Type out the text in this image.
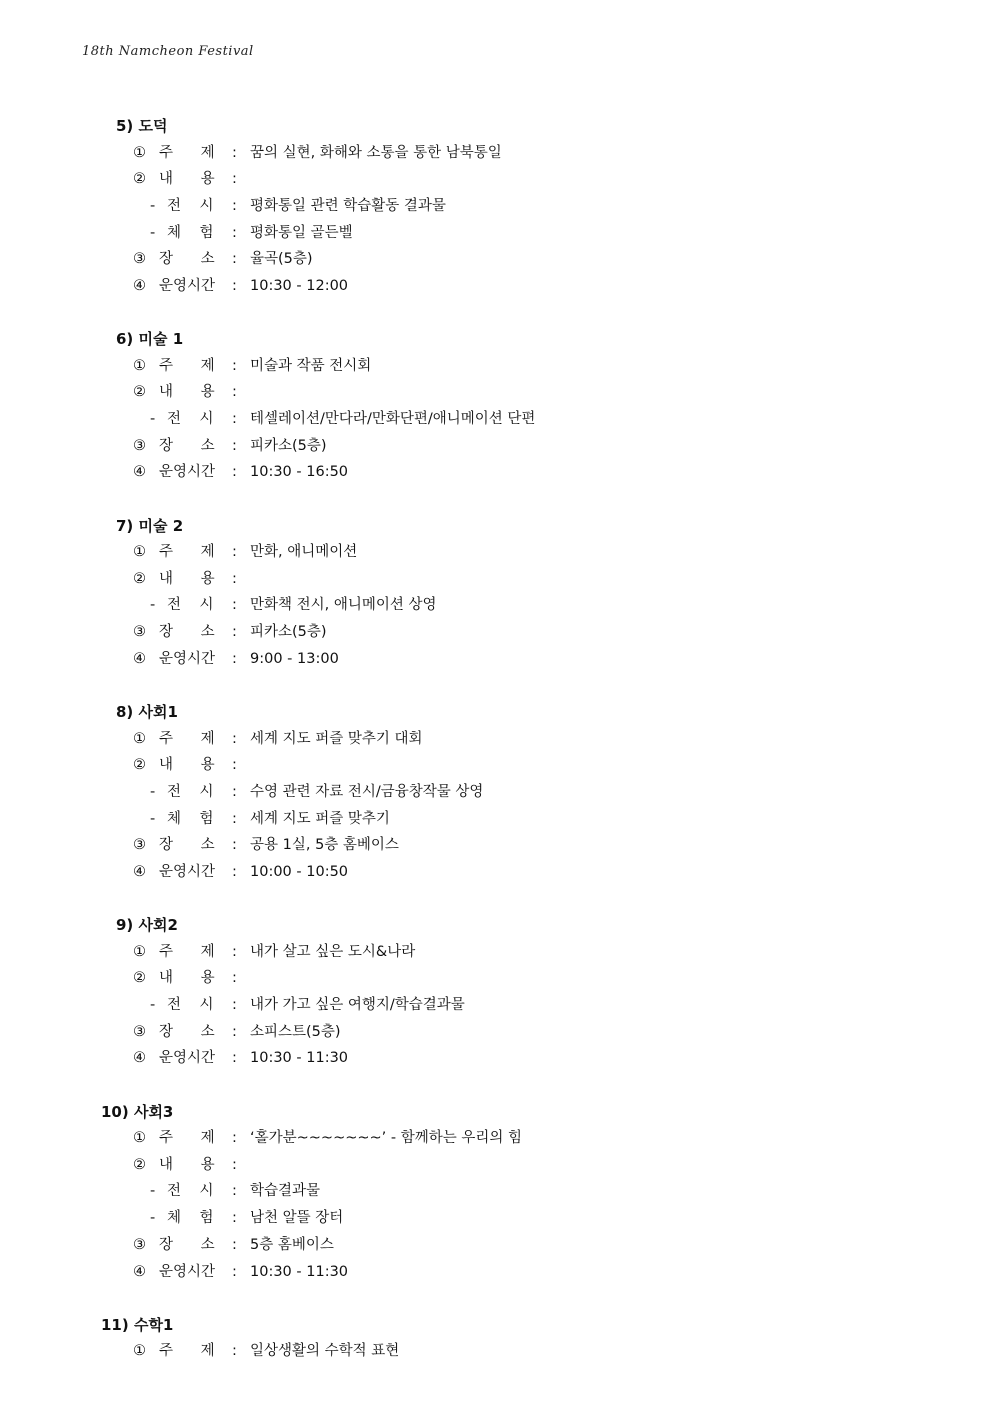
18th Namcheon Festival
5) 도덕
① 주      제 : 꿈의 실현, 화해와 소통을 통한 남북통일
② 내      용 :
- 전    시 : 평화통일 관련 학습활동 결과물
- 체    험 : 평화통일 골든벨
③ 장      소 : 율곡(5층)
④ 운영시간 : 10:30 - 12:00
6) 미술 1
① 주      제 : 미술과 작품 전시회
② 내      용 :
- 전    시 : 테셀레이션/만다라/만화단편/애니메이션 단편
③ 장      소 : 피카소(5층)
④ 운영시간 : 10:30 - 16:50
7) 미술 2
① 주      제 : 만화, 애니메이션
② 내      용 :
- 전    시 : 만화책 전시, 애니메이션 상영
③ 장      소 : 피카소(5층)
④ 운영시간 : 9:00 - 13:00
8) 사회1
① 주      제 : 세계 지도 퍼즐 맞추기 대회
② 내      용 :
- 전    시 : 수영 관련 자료 전시/금융창작물 상영
- 체    험 : 세계 지도 퍼즐 맞추기
③ 장      소 : 공용 1실, 5층 홈베이스
④ 운영시간 : 10:00 - 10:50
9) 사회2
① 주      제 : 내가 살고 싶은 도시&나라
② 내      용 :
- 전    시 : 내가 가고 싶은 여행지/학습결과물
③ 장      소 : 소피스트(5층)
④ 운영시간 : 10:30 - 11:30
10) 사회3
① 주      제 : ‘홀가분~~~~~~~’ - 함께하는 우리의 힘
② 내      용 :
- 전    시 : 학습결과물
- 체    험 : 남천 알뜰 장터
③ 장      소 : 5층 홈베이스
④ 운영시간 : 10:30 - 11:30
11) 수학1
① 주      제 : 일상생활의 수학적 표현
